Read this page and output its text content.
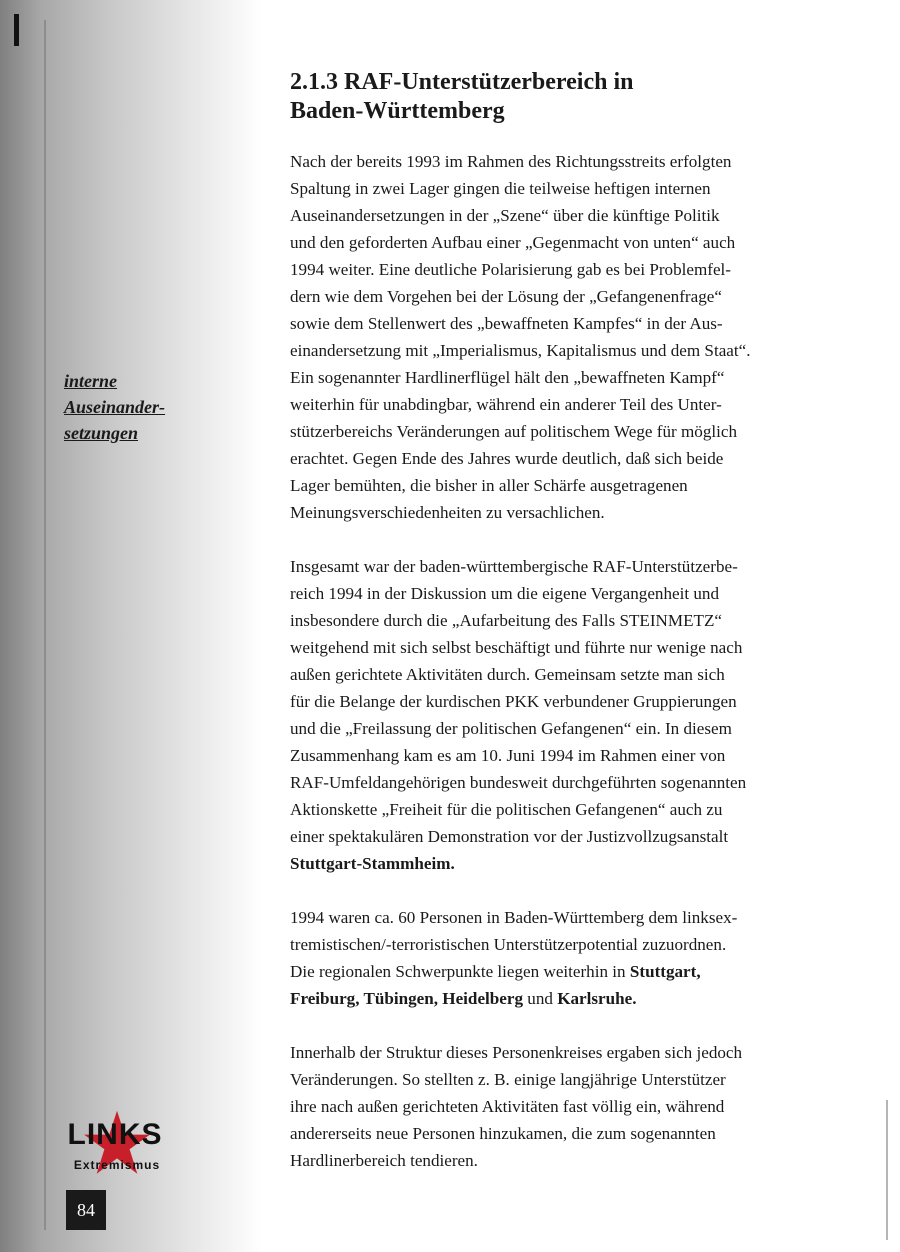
2.1.3 RAF-Unterstützerbereich in
Baden-Württemberg
interne
Auseinander-
setzungen
Nach der bereits 1993 im Rahmen des Richtungsstreits erfolgten
Spaltung in zwei Lager gingen die teilweise heftigen internen
Auseinandersetzungen in der „Szene“ über die künftige Politik
und den geforderten Aufbau einer „Gegenmacht von unten“ auch
1994 weiter. Eine deutliche Polarisierung gab es bei Problemfel-
dern wie dem Vorgehen bei der Lösung der „Gefangenenfrage“
sowie dem Stellenwert des „bewaffneten Kampfes“ in der Aus-
einandersetzung mit „Imperialismus, Kapitalismus und dem Staat“.
Ein sogenannter Hardlinerflügel hält den „bewaffneten Kampf“
weiterhin für unabdingbar, während ein anderer Teil des Unter-
stützerbereichs Veränderungen auf politischem Wege für möglich
erachtet. Gegen Ende des Jahres wurde deutlich, daß sich beide
Lager bemühten, die bisher in aller Schärfe ausgetragenen
Meinungsverschiedenheiten zu versachlichen.
Insgesamt war der baden-württembergische RAF-Unterstützerbe-
reich 1994 in der Diskussion um die eigene Vergangenheit und
insbesondere durch die „Aufarbeitung des Falls STEINMETZ“
weitgehend mit sich selbst beschäftigt und führte nur wenige nach
außen gerichtete Aktivitäten durch. Gemeinsam setzte man sich
für die Belange der kurdischen PKK verbundener Gruppierungen
und die „Freilassung der politischen Gefangenen“ ein. In diesem
Zusammenhang kam es am 10. Juni 1994 im Rahmen einer von
RAF-Umfeldangehörigen bundesweit durchgeführten sogenannten
Aktionskette „Freiheit für die politischen Gefangenen“ auch zu
einer spektakulären Demonstration vor der Justizvollzugsanstalt
Stuttgart-Stammheim.
1994 waren ca. 60 Personen in Baden-Württemberg dem linksex-
tremistischen/-terroristischen Unterstützerpotential zuzuordnen.
Die regionalen Schwerpunkte liegen weiterhin in Stuttgart,
Freiburg, Tübingen, Heidelberg und Karlsruhe.
Innerhalb der Struktur dieses Personenkreises ergaben sich jedoch
Veränderungen. So stellten z. B. einige langjährige Unterstützer
ihre nach außen gerichteten Aktivitäten fast völlig ein, während
andererseits neue Personen hinzukamen, die zum sogenannten
Hardlinerbereich tendieren.
LINKS
Extremismus
84
